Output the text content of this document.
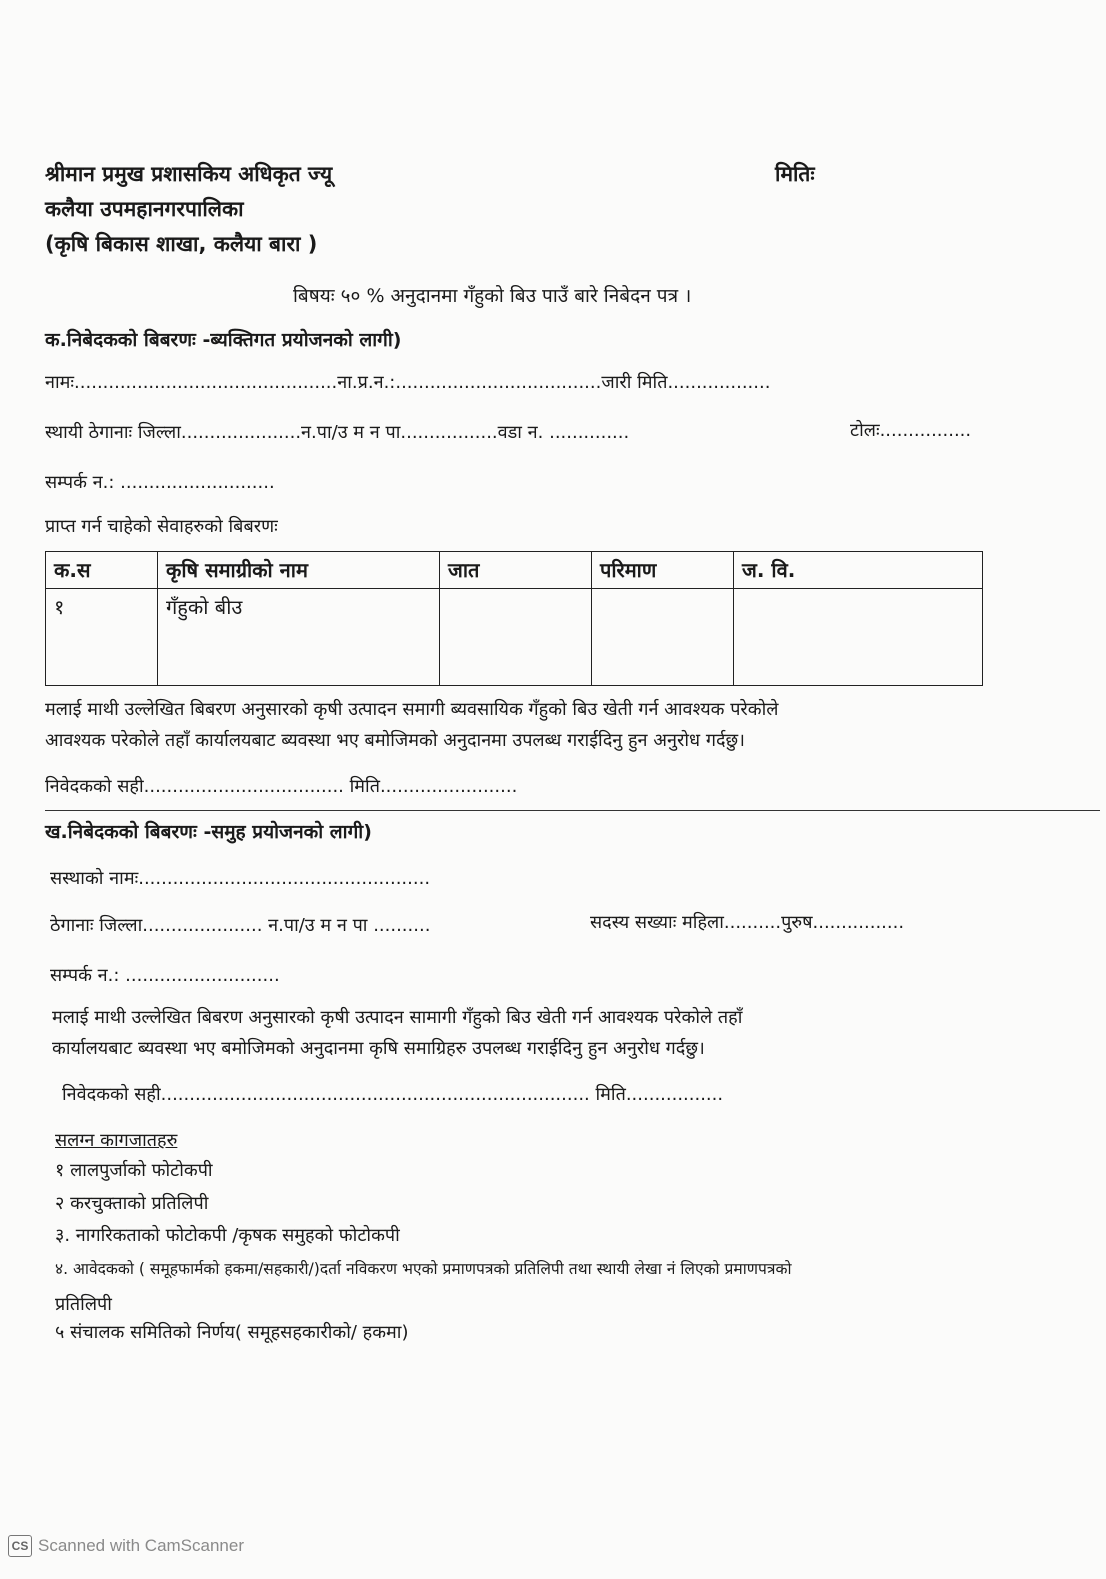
श्रीमान प्रमुख प्रशासकिय अधिकृत ज्यू
कलैया उपमहानगरपालिका
(कृषि बिकास शाखा, कलैया बारा )
मितिः
बिषयः ५० % अनुदानमा गँहुको बिउ पाउँ बारे निबेदन पत्र ।
क.निबेदकको बिबरणः -ब्यक्तिगत प्रयोजनको लागी)
नामः..............................................ना.प्र.न.:....................................जारी मिति..................
स्थायी ठेगानाः जिल्ला.....................न.पा/उ म न पा.................वडा न. ..............	टोलः................
सम्पर्क न.: ...........................
प्राप्त गर्न चाहेको सेवाहरुको बिबरणः
क.स	कृषि समाग्रीको नाम	जात	परिमाण	ज. वि.
१	गँहुको बीउ			
मलाई माथी उल्लेखित बिबरण अनुसारको कृषी उत्पादन समागी ब्यवसायिक गँहुको बिउ खेती गर्न आवश्यक परेकोले
आवश्यक परेकोले तहाँ कार्यालयबाट ब्यवस्था भए बमोजिमको अनुदानमा उपलब्ध गराईदिनु हुन अनुरोध गर्दछु।
निवेदकको सही................................... मिति........................
ख.निबेदकको बिबरणः -समुह प्रयोजनको लागी)
सस्थाको नामः...................................................
ठेगानाः जिल्ला..................... न.पा/उ म न पा ..........	सदस्य सख्याः महिला..........पुरुष................
सम्पर्क न.: ...........................
मलाई माथी उल्लेखित बिबरण अनुसारको कृषी उत्पादन सामागी गँहुको बिउ खेती गर्न आवश्यक परेकोले तहाँ
कार्यालयबाट ब्यवस्था भए बमोजिमको अनुदानमा कृषि समाग्रिहरु उपलब्ध गराईदिनु हुन अनुरोध गर्दछु।
निवेदकको सही........................................................................... मिति.................
सलग्न कागजातहरु
१ लालपुर्जाको फोटोकपी
२ करचुक्ताको प्रतिलिपी
३. नागरिकताको फोटोकपी /कृषक समुहको फोटोकपी
४. आवेदकको ( समूहफार्मको हकमा/सहकारी/)दर्ता नविकरण भएको प्रमाणपत्रको प्रतिलिपी तथा स्थायी लेखा नं लिएको प्रमाणपत्रको
प्रतिलिपी
५ संचालक समितिको निर्णय( समूहसहकारीको/ हकमा)
CS Scanned with CamScanner
